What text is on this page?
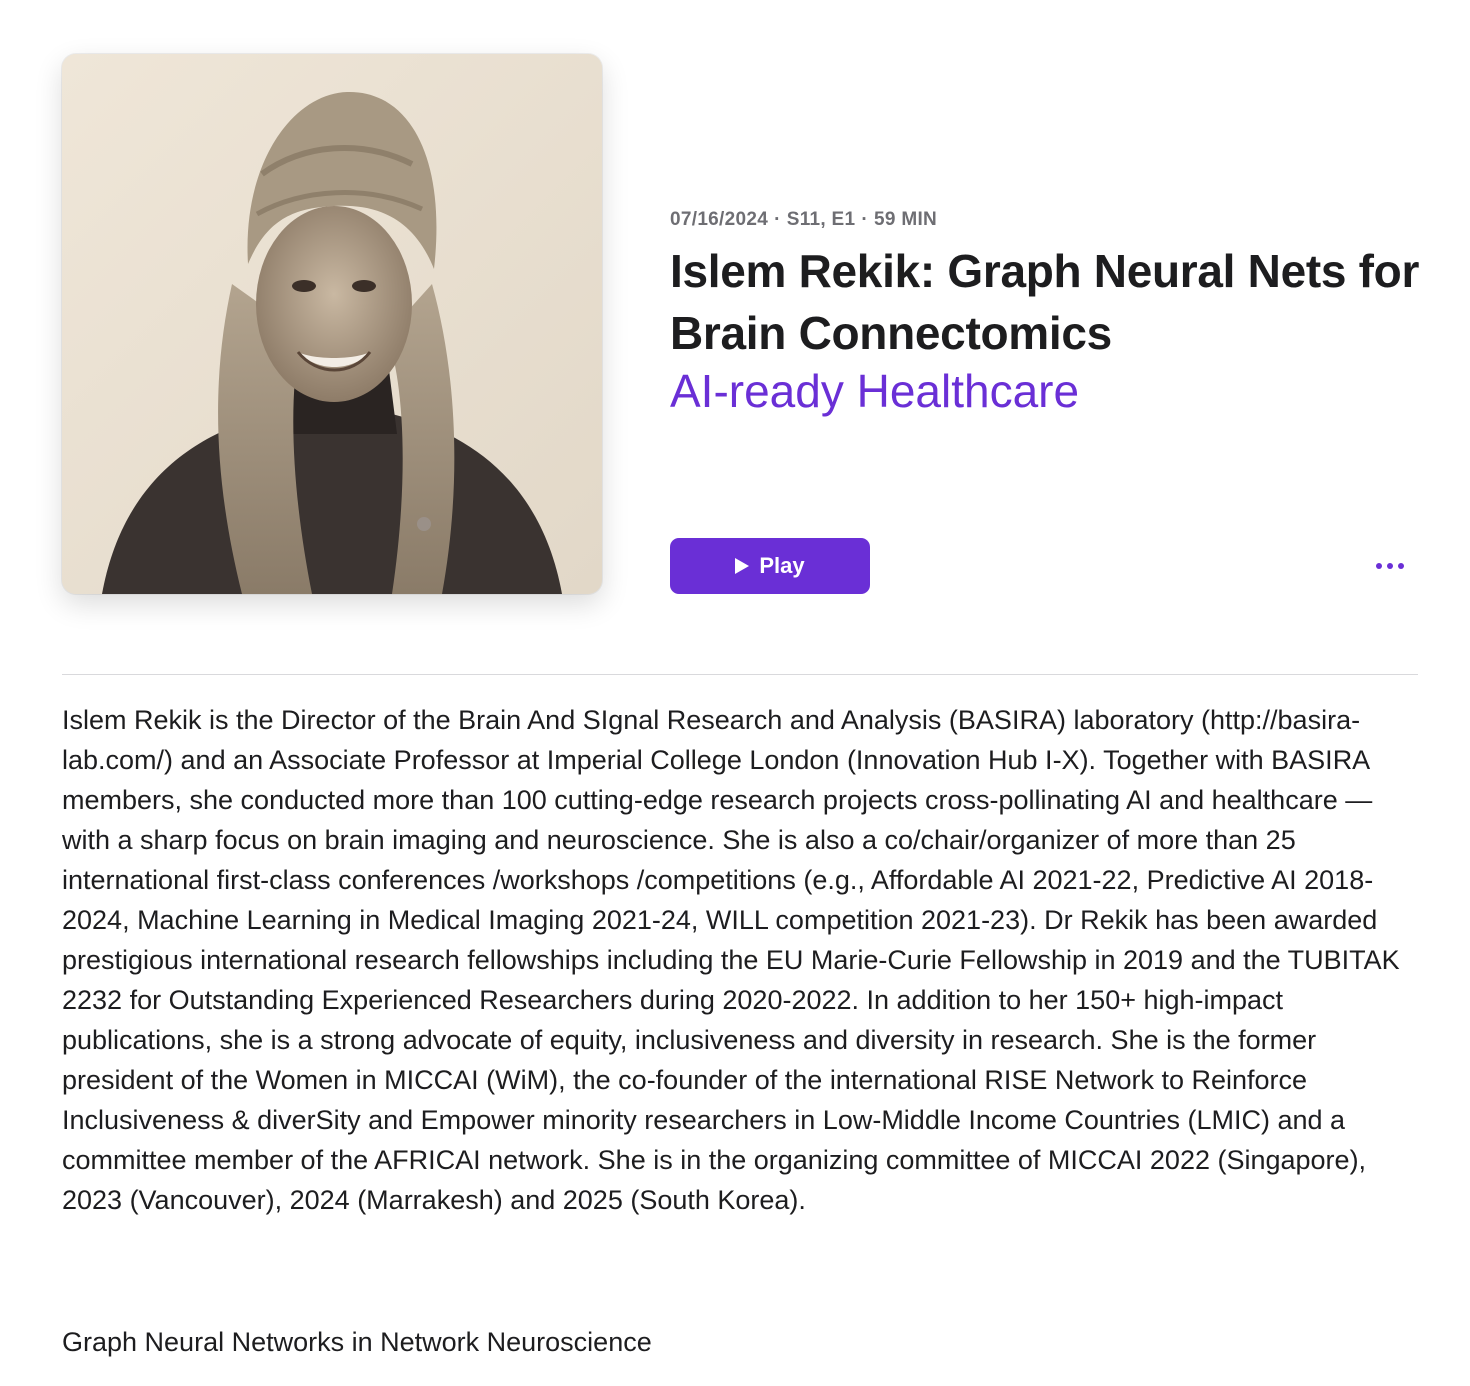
07/16/2024 · S11, E1 · 59 MIN
Islem Rekik: Graph Neural Nets for Brain Connectomics
AI-ready Healthcare
Play

Islem Rekik is the Director of the Brain And SIgnal Research and Analysis (BASIRA) laboratory (http://basira-lab.com/) and an Associate Professor at Imperial College London (Innovation Hub I-X). Together with BASIRA members, she conducted more than 100 cutting-edge research projects cross-pollinating AI and healthcare —with a sharp focus on brain imaging and neuroscience. She is also a co/chair/organizer of more than 25 international first-class conferences /workshops /competitions (e.g., Affordable AI 2021-22, Predictive AI 2018-2024, Machine Learning in Medical Imaging 2021-24, WILL competition 2021-23). Dr Rekik has been awarded prestigious international research fellowships including the EU Marie-Curie Fellowship in 2019 and the TUBITAK 2232 for Outstanding Experienced Researchers during 2020-2022. In addition to her 150+ high-impact publications, she is a strong advocate of equity, inclusiveness and diversity in research. She is the former president of the Women in MICCAI (WiM), the co-founder of the international RISE Network to Reinforce Inclusiveness & diverSity and Empower minority researchers in Low-Middle Income Countries (LMIC) and a committee member of the AFRICAI network. She is in the organizing committee of MICCAI 2022 (Singapore), 2023 (Vancouver), 2024 (Marrakesh) and 2025 (South Korea).

Graph Neural Networks in Network Neuroscience
